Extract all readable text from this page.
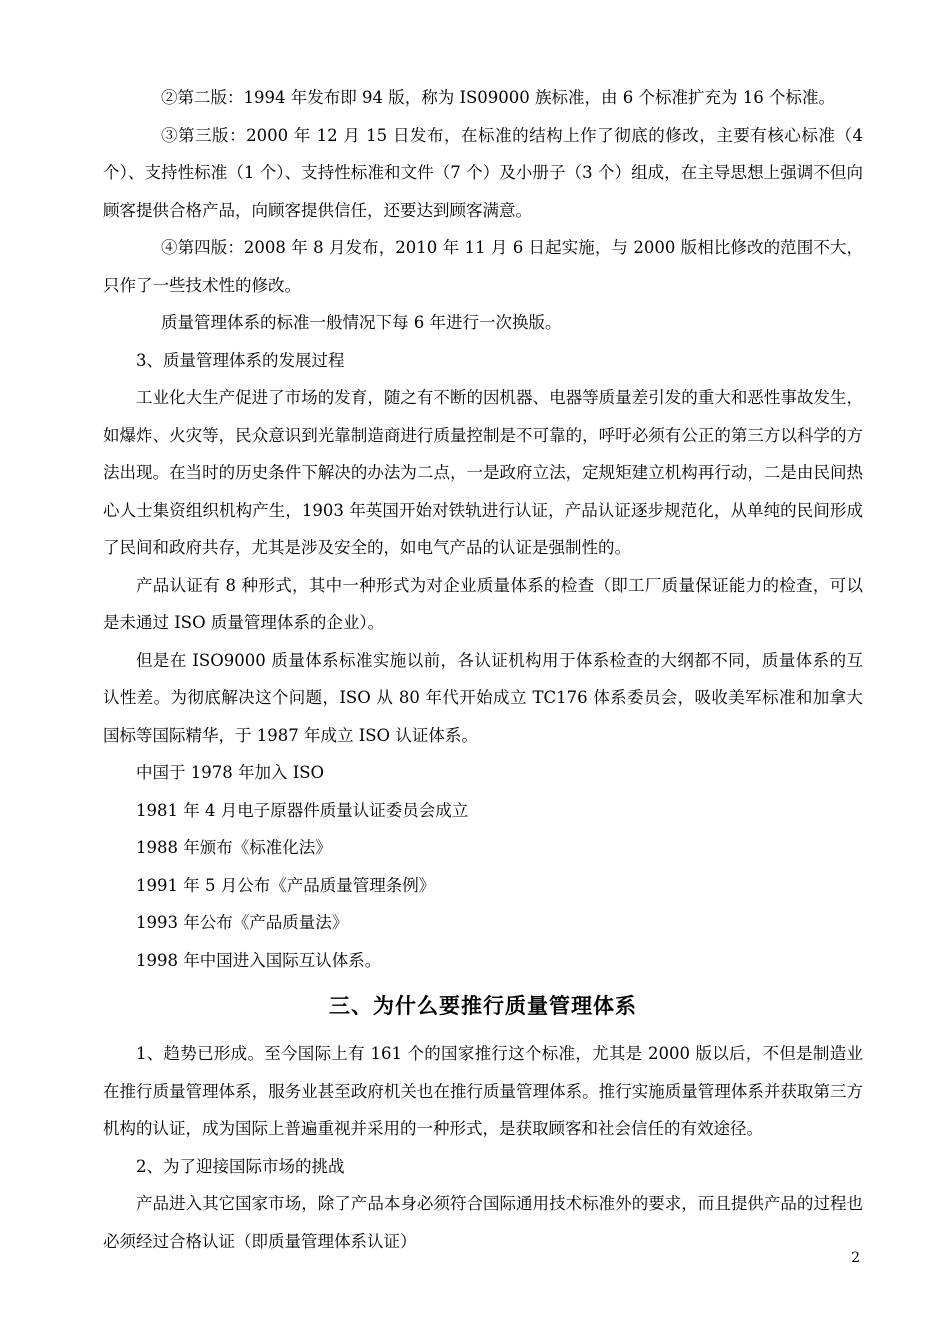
②第二版：1994 年发布即 94 版，称为 IS09000 族标准，由 6 个标准扩充为 16 个标准。

③第三版：2000 年 12 月 15 日发布，在标准的结构上作了彻底的修改，主要有核心标准（4 个）、支持性标准（1 个）、支持性标准和文件（7 个）及小册子（3 个）组成，在主导思想上强调不但向顾客提供合格产品，向顾客提供信任，还要达到顾客满意。

④第四版：2008 年 8 月发布，2010 年 11 月 6 日起实施，与 2000 版相比修改的范围不大，只作了一些技术性的修改。

质量管理体系的标准一般情况下每 6 年进行一次换版。

3、质量管理体系的发展过程

工业化大生产促进了市场的发育，随之有不断的因机器、电器等质量差引发的重大和恶性事故发生，如爆炸、火灾等，民众意识到光靠制造商进行质量控制是不可靠的，呼吁必须有公正的第三方以科学的方法出现。在当时的历史条件下解决的办法为二点，一是政府立法，定规矩建立机构再行动，二是由民间热心人士集资组织机构产生，1903 年英国开始对铁轨进行认证，产品认证逐步规范化，从单纯的民间形成了民间和政府共存，尤其是涉及安全的，如电气产品的认证是强制性的。

产品认证有 8 种形式，其中一种形式为对企业质量体系的检查（即工厂质量保证能力的检查，可以是未通过 ISO 质量管理体系的企业）。

但是在 ISO9000 质量体系标准实施以前，各认证机构用于体系检查的大纲都不同，质量体系的互认性差。为彻底解决这个问题，ISO 从 80 年代开始成立 TC176 体系委员会，吸收美军标准和加拿大国标等国际精华，于 1987 年成立 ISO 认证体系。

中国于 1978 年加入 ISO

1981 年 4 月电子原器件质量认证委员会成立

1988 年颁布《标准化法》

1991 年 5 月公布《产品质量管理条例》

1993 年公布《产品质量法》

1998 年中国进入国际互认体系。

三、为什么要推行质量管理体系

1、趋势已形成。至今国际上有 161 个的国家推行这个标准，尤其是 2000 版以后，不但是制造业在推行质量管理体系，服务业甚至政府机关也在推行质量管理体系。推行实施质量管理体系并获取第三方机构的认证，成为国际上普遍重视并采用的一种形式，是获取顾客和社会信任的有效途径。

2、为了迎接国际市场的挑战

产品进入其它国家市场，除了产品本身必须符合国际通用技术标准外的要求，而且提供产品的过程也必须经过合格认证（即质量管理体系认证）

2
